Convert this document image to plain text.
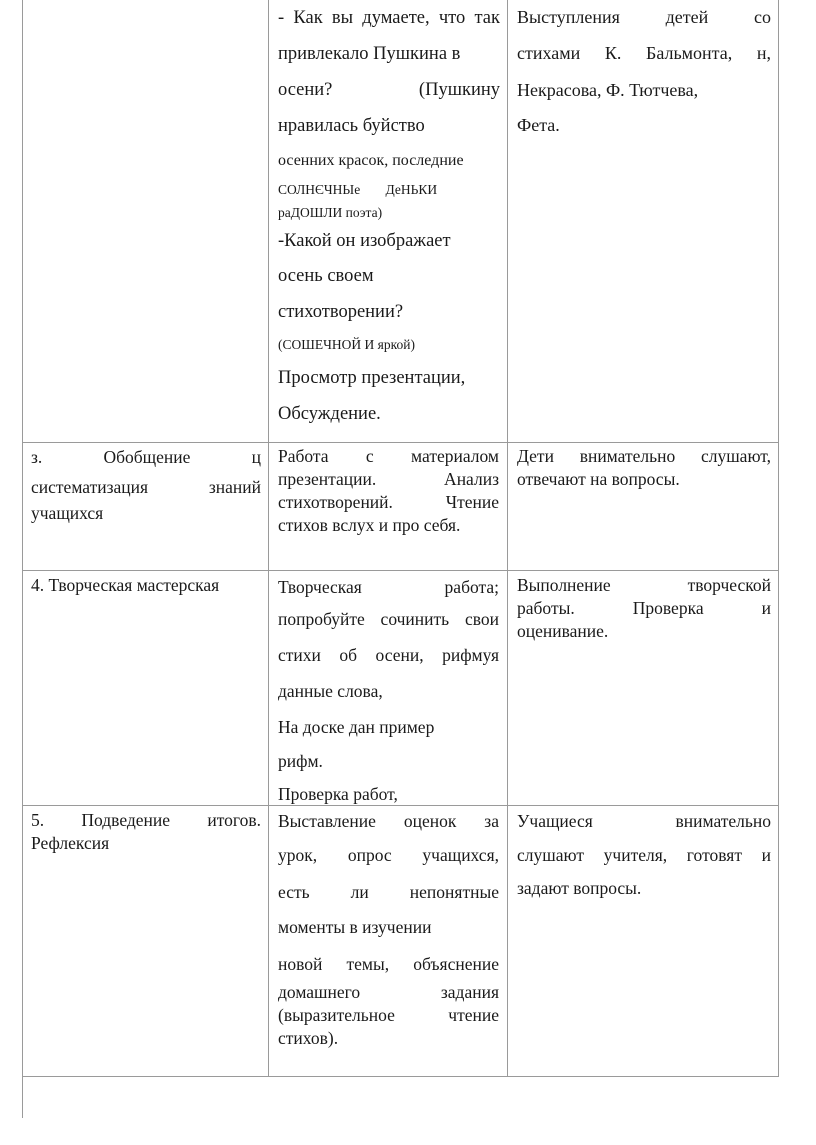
- Как вы думаете, что так
привлекало Пушкина в
осени? (Пушкину
нравилась буйство
осенних красок, последние
СОЛНЄЧНЫе ДеНЬКИ
раДОШЛИ поэта)
-Какой он изображает
осень своем
стихотворении?
(СОШЕЧНОЙ И яркой)
Просмотр презентации,
Обсуждение.
Выступления детей со
стихами К. Бальмонта, н,
Некрасова, Ф. Тютчева,
Фета.
з. Обобщение ц
систематизация знаний
учащихся
Работа с материалом
презентации. Анализ
стихотворений. Чтение
стихов вслух и про себя.
Дети внимательно слушают,
отвечают на вопросы.
4. Творческая мастерская	Творческая работа;
попробуйте сочинить свои
стихи об осени, рифмуя
данные слова,
На доске дан пример
рифм.
Проверка работ,
Выполнение творческой
работы. Проверка и
оценивание.
5. Подведение итогов.
Рефлексия
Выставление оценок за
урок, опрос учащихся,
есть ли непонятные
моменты в изучении
новой темы, объяснение
домашнего задания
(выразительное чтение
стихов).
Учащиеся внимательно
слушают учителя, готовят и
задают вопросы.
